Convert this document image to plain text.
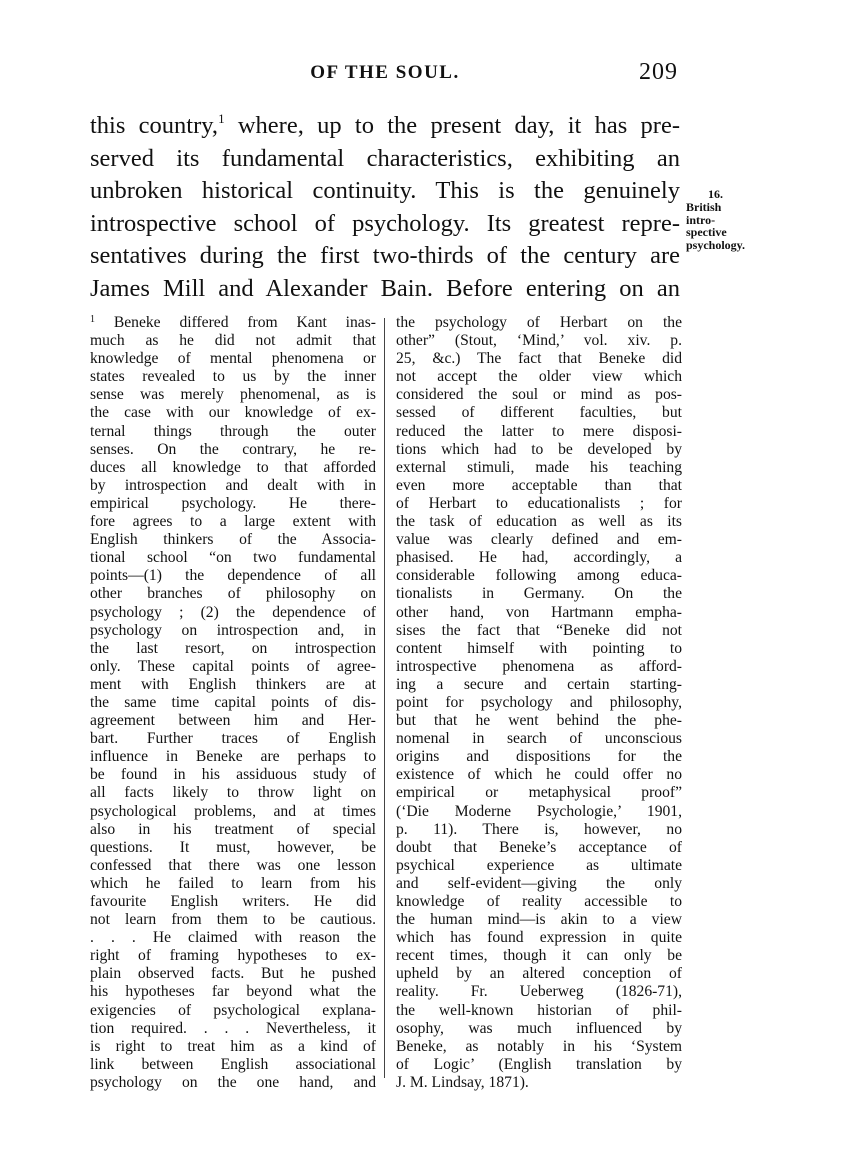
OF THE SOUL.	209
this country,$^1$ where, up to the present day, it has pre-
served its fundamental characteristics, exhibiting an
unbroken historical continuity. This is the genuinely
introspective school of psychology. Its greatest repre-
sentatives during the first two-thirds of the century are
James Mill and Alexander Bain. Before entering on an
16.
British
intro-
spective
psychology.
$^1$ Beneke differed from Kant inas-
much as he did not admit that
knowledge of mental phenomena or
states revealed to us by the inner
sense was merely phenomenal, as is
the case with our knowledge of ex-
ternal things through the outer
senses. On the contrary, he re-
duces all knowledge to that afforded
by introspection and dealt with in
empirical psychology. He there-
fore agrees to a large extent with
English thinkers of the Associa-
tional school “on two fundamental
points—(1) the dependence of all
other branches of philosophy on
psychology ; (2) the dependence of
psychology on introspection and, in
the last resort, on introspection
only. These capital points of agree-
ment with English thinkers are at
the same time capital points of dis-
agreement between him and Her-
bart. Further traces of English
influence in Beneke are perhaps to
be found in his assiduous study of
all facts likely to throw light on
psychological problems, and at times
also in his treatment of special
questions. It must, however, be
confessed that there was one lesson
which he failed to learn from his
favourite English writers. He did
not learn from them to be cautious.
. . . He claimed with reason the
right of framing hypotheses to ex-
plain observed facts. But he pushed
his hypotheses far beyond what the
exigencies of psychological explana-
tion required. . . . Nevertheless, it
is right to treat him as a kind of
link between English associational
psychology on the one hand, and
the psychology of Herbart on the
other” (Stout, ‘Mind,’ vol. xiv. p.
25, &c.) The fact that Beneke did
not accept the older view which
considered the soul or mind as pos-
sessed of different faculties, but
reduced the latter to mere disposi-
tions which had to be developed by
external stimuli, made his teaching
even more acceptable than that
of Herbart to educationalists ; for
the task of education as well as its
value was clearly defined and em-
phasised. He had, accordingly, a
considerable following among educa-
tionalists in Germany. On the
other hand, von Hartmann empha-
sises the fact that “Beneke did not
content himself with pointing to
introspective phenomena as afford-
ing a secure and certain starting-
point for psychology and philosophy,
but that he went behind the phe-
nomenal in search of unconscious
origins and dispositions for the
existence of which he could offer no
empirical or metaphysical proof”
(‘Die Moderne Psychologie,’ 1901,
p. 11). There is, however, no
doubt that Beneke’s acceptance of
psychical experience as ultimate
and self-evident—giving the only
knowledge of reality accessible to
the human mind—is akin to a view
which has found expression in quite
recent times, though it can only be
upheld by an altered conception of
reality. Fr. Ueberweg (1826-71),
the well-known historian of phil-
osophy, was much influenced by
Beneke, as notably in his ‘System
of Logic’ (English translation by
J. M. Lindsay, 1871).
